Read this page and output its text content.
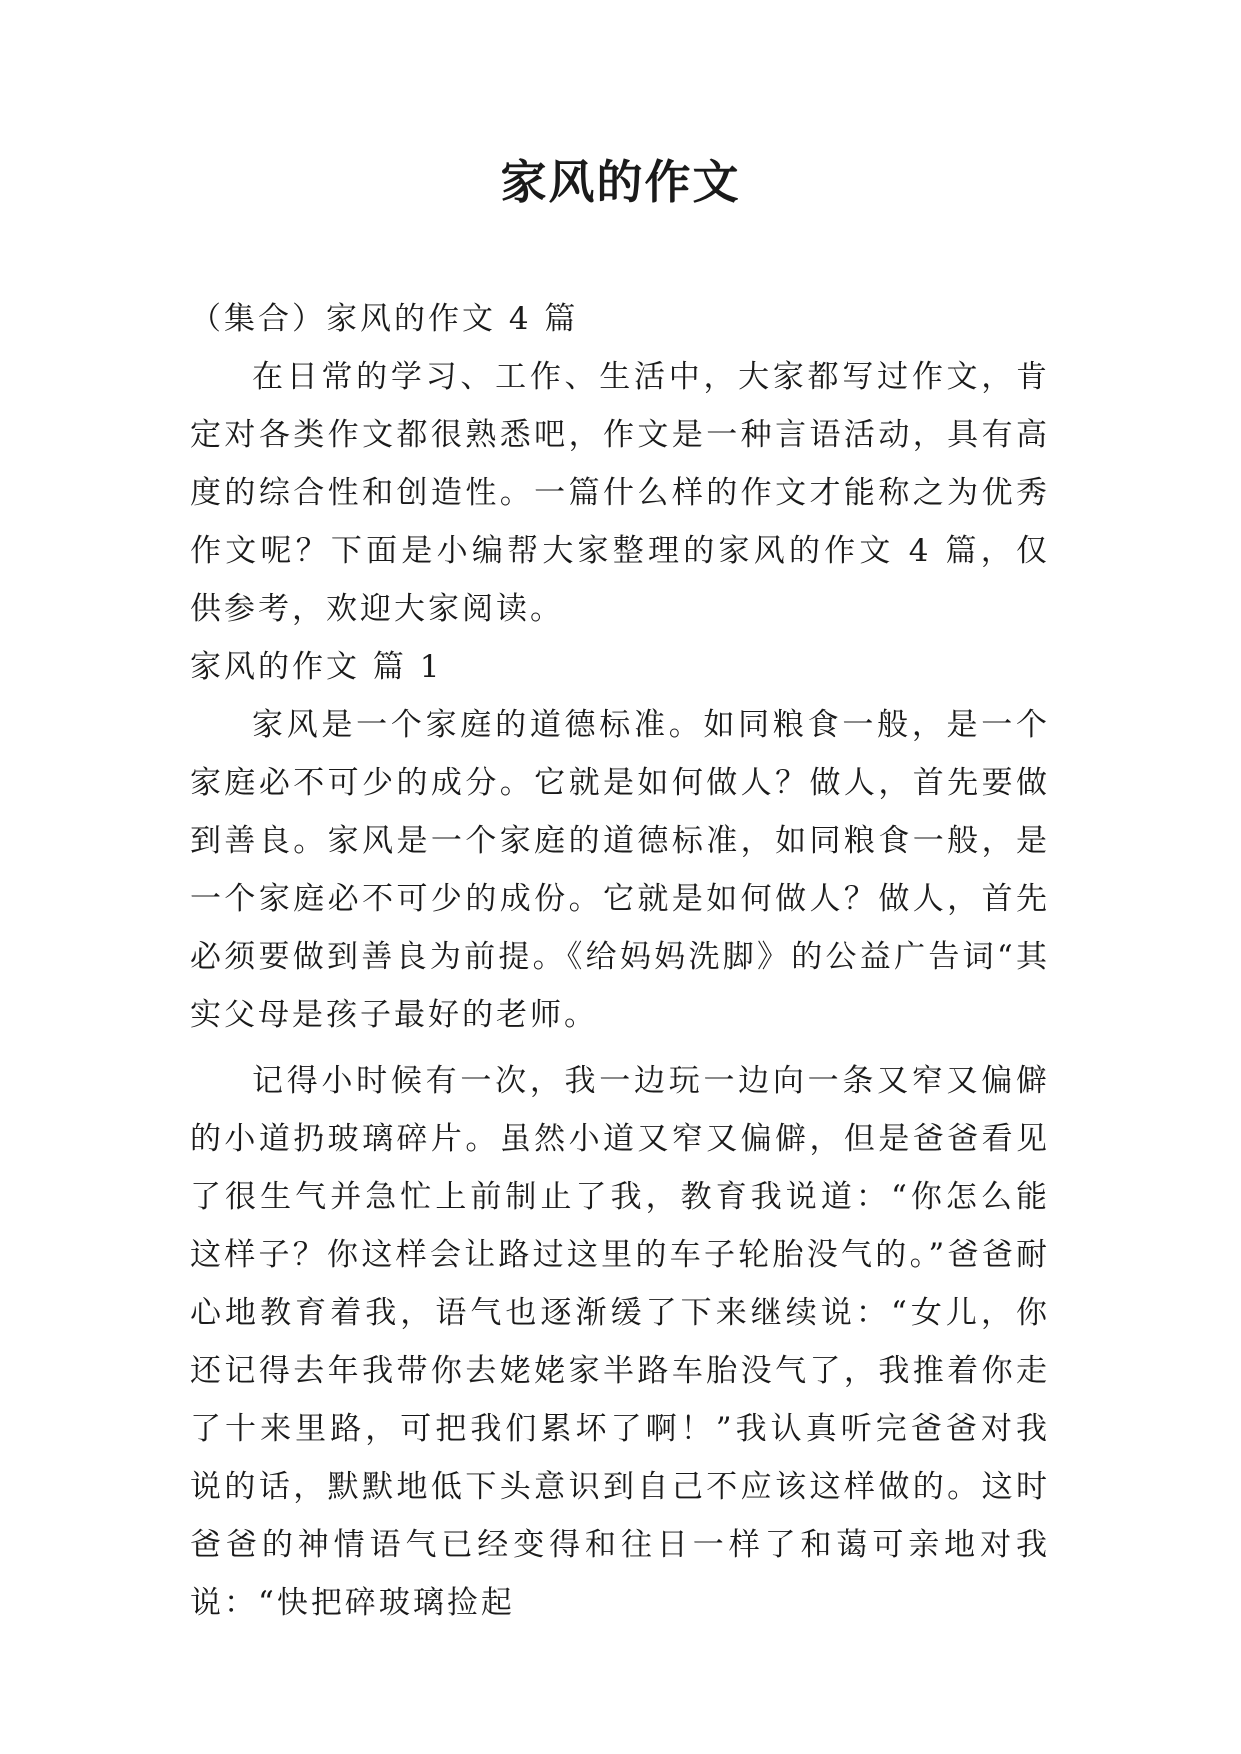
家风的作文

（集合）家风的作文 4 篇

在日常的学习、工作、生活中，大家都写过作文，肯定对各类作文都很熟悉吧，作文是一种言语活动，具有高度的综合性和创造性。一篇什么样的作文才能称之为优秀作文呢？下面是小编帮大家整理的家风的作文 4 篇，仅供参考，欢迎大家阅读。

家风的作文 篇 1

家风是一个家庭的道德标准。如同粮食一般，是一个家庭必不可少的成分。它就是如何做人？做人，首先要做到善良。家风是一个家庭的道德标准，如同粮食一般，是一个家庭必不可少的成份。它就是如何做人？做人，首先必须要做到善良为前提。《给妈妈洗脚》的公益广告词“其实父母是孩子最好的老师。

记得小时候有一次，我一边玩一边向一条又窄又偏僻的小道扔玻璃碎片。虽然小道又窄又偏僻，但是爸爸看见了很生气并急忙上前制止了我，教育我说道：“你怎么能这样子？你这样会让路过这里的车子轮胎没气的。”爸爸耐心地教育着我，语气也逐渐缓了下来继续说：“女儿，你还记得去年我带你去姥姥家半路车胎没气了，我推着你走了十来里路，可把我们累坏了啊！”我认真听完爸爸对我说的话，默默地低下头意识到自己不应该这样做的。这时爸爸的神情语气已经变得和往日一样了和蔼可亲地对我说：“快把碎玻璃捡起
